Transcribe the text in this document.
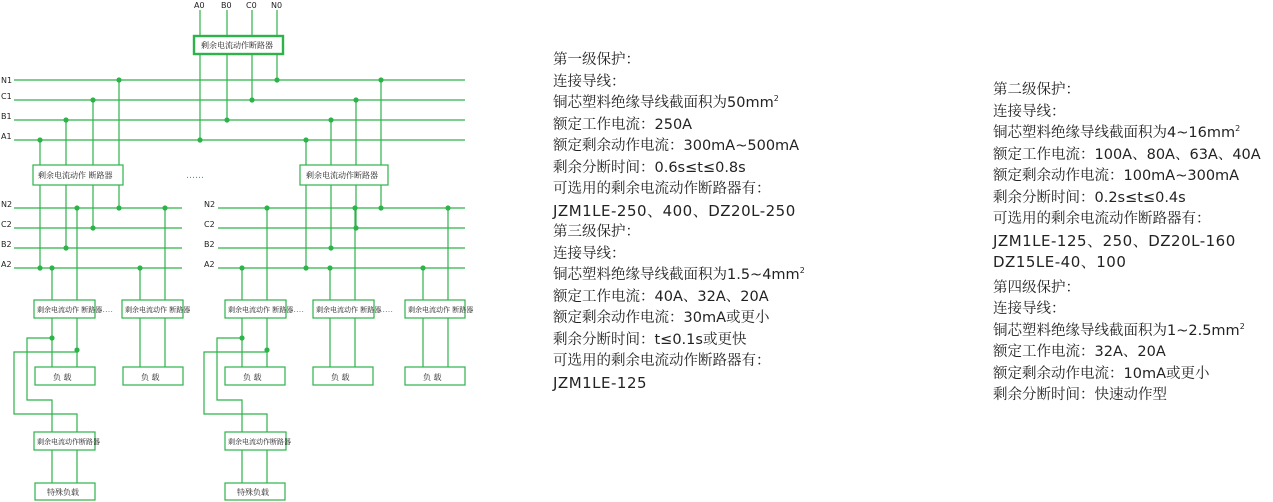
A0 B0 C0 N0
剩余电流动作断路器
N1
C1
B1
A1
剩余电流动作 断路器	……	剩余电流动作断路器
N2
C2
B2
A2
N2
C2
B2
A2
剩余电流动作 断路器
…… 剩余电流动作 断路器	剩余电流动作 断路器
…… 剩余电流动作 断路器
…… 剩余电流动作 断路器
负 载	负 载	负 载	负 载	负 载
剩余电流动作断路器	剩余电流动作断路器
特殊负载	特殊负载
第一级保护：
连接导线：
铜芯塑料绝缘导线截面积为$50mm^2$
额定工作电流：250A
额定剩余动作电流：300mA~500mA
剩余分断时间：0.6s≤t≤0.8s
可选用的剩余电流动作断路器有：
JZM1LE-250、400、DZ20L-250
第三级保护：
连接导线：
铜芯塑料绝缘导线截面积为$1.5\sim 4mm^2$
额定工作电流：40A、32A、20A
额定剩余动作电流：30mA或更小
剩余分断时间：t≤0.1s或更快
可选用的剩余电流动作断路器有：
JZM1LE-125
第二级保护：
连接导线：
铜芯塑料绝缘导线截面积为$4\sim 16mm^2$
额定工作电流：100A、80A、63A、40A
额定剩余动作电流：100mA~300mA
剩余分断时间：0.2s≤t≤0.4s
可选用的剩余电流动作断路器有：
JZM1LE-125、250、DZ20L-160
DZ15LE-40、100
第四级保护：
连接导线：
铜芯塑料绝缘导线截面积为$1\sim 2.5mm^2$
额定工作电流：32A、20A
额定剩余动作电流：10mA或更小
剩余分断时间：快速动作型
